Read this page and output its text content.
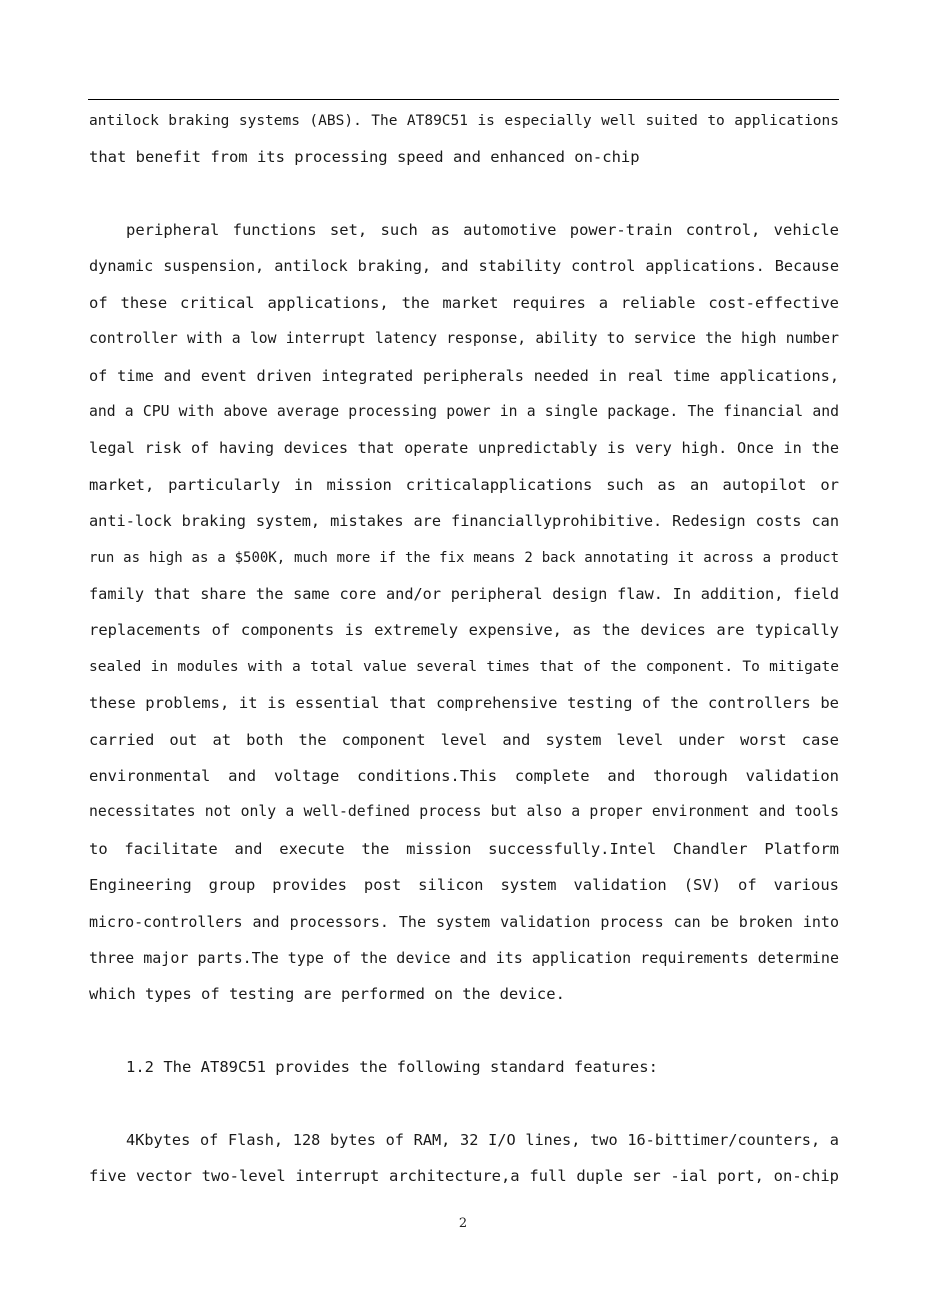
antilock braking systems (ABS). The AT89C51 is especially well suited to applications
that benefit from its processing speed and enhanced on-chip
peripheral functions set, such as automotive power-train control, vehicle
dynamic suspension, antilock braking, and stability control applications. Because
of these critical applications, the market requires a reliable cost-effective
controller with a low interrupt latency response, ability to service the high number
of time and event driven integrated peripherals needed in real time applications,
and a CPU with above average processing power in a single package. The financial and
legal risk of having devices that operate unpredictably is very high. Once in the
market, particularly in mission criticalapplications such as an autopilot or
anti-lock braking system, mistakes are financiallyprohibitive. Redesign costs can
run as high as a $500K, much more if the fix means 2 back annotating it across a product
family that share the same core and/or peripheral design flaw. In addition, field
replacements of components is extremely expensive, as the devices are typically
sealed in modules with a total value several times that of the component. To mitigate
these problems, it is essential that comprehensive testing of the controllers be
carried out at both the component level and system level under worst case
environmental and voltage conditions.This complete and thorough validation
necessitates not only a well-defined process but also a proper environment and tools
to facilitate and execute the mission successfully.Intel Chandler Platform
Engineering group provides post silicon system validation (SV) of various
micro-controllers and processors. The system validation process can be broken into
three major parts.The type of the device and its application requirements determine
which types of testing are performed on the device.
1.2 The AT89C51 provides the following standard features:
4Kbytes of Flash, 128 bytes of RAM, 32 I/O lines, two 16-bittimer/counters, a
five vector two-level interrupt architecture,a full duple ser -ial port, on-chip
2
